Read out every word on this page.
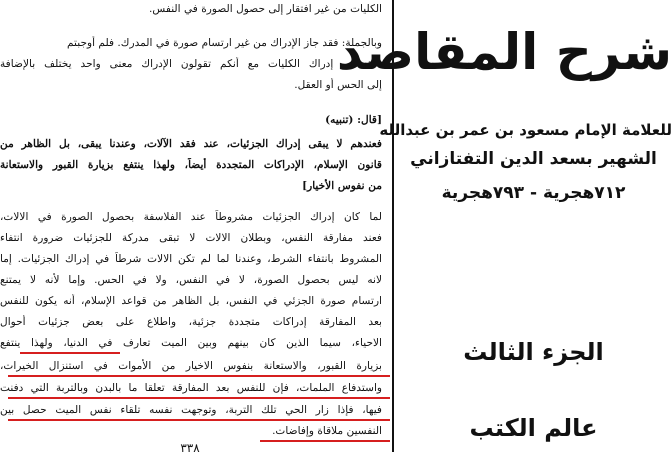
الكليات من غير افتقار إلى حصول الصورة في النفس.
وبالجملة: فقد جاز الإدراك من غير ارتسام صورة في المدرك. فلم أوجبتم
ذلك في إدراك الكليات مع أنكم تقولون الإدراك معنى واحد يختلف بالإضافة
إلى الحس أو العقل.
[قال: (تنبيه)
فعندهم لا يبقى إدراك الجزئيات، عند فقد الآلات، وعندنا يبقى، بل الظاهر من
قانون الإسلام، الإدراكات المتجددة أيضاً، ولهذا ينتفع بزيارة القبور والاستعانة
من نفوس الأخيار]
لما كان إدراك الجزئيات مشروطاً عند الفلاسفة بحصول الصورة في الالات،
فعند مفارقة النفس، وبطلان الالات لا تبقى مدركة للجزئيات ضرورة انتفاء
المشروط بانتفاء الشرط، وعندنا لما لم تكن الالات شرطاً في إدراك الجزئيات. إما
لانه ليس بحصول الصورة، لا في النفس، ولا في الحس. وإما لأنه لا يمتنع
ارتسام صورة الجزئي في النفس، بل الظاهر من قواعد الإسلام، أنه يكون للنفس
بعد المفارقة إدراكات متجددة جزئية، واطلاع على بعض جزئيات أحوال
الاحياء، سيما الذين كان بينهم وبين الميت تعارف في الدنيا، ولهذا ينتفع
بزيارة القبور، والاستعانة بنفوس الاخيار من الأموات في استنزال الخيرات،
واستدفاع الملمات، فإن للنفس بعد المفارقة تعلقا ما بالبدن وبالتربة التي دفنت
فيها، فإذا زار الحي تلك التربة، وتوجهت نفسه تلقاء نفس الميت حصل بين
النفسين ملاقاة وإفاضات.
٣٣٨
شرح المقاصد
للعلامة الإمام مسعود بن عمر بن عبدالله
الشهير بسعد الدين التفتازاني
٧١٢هجرية - ٧٩٣هجرية
الجزء الثالث
عالم الكتب
